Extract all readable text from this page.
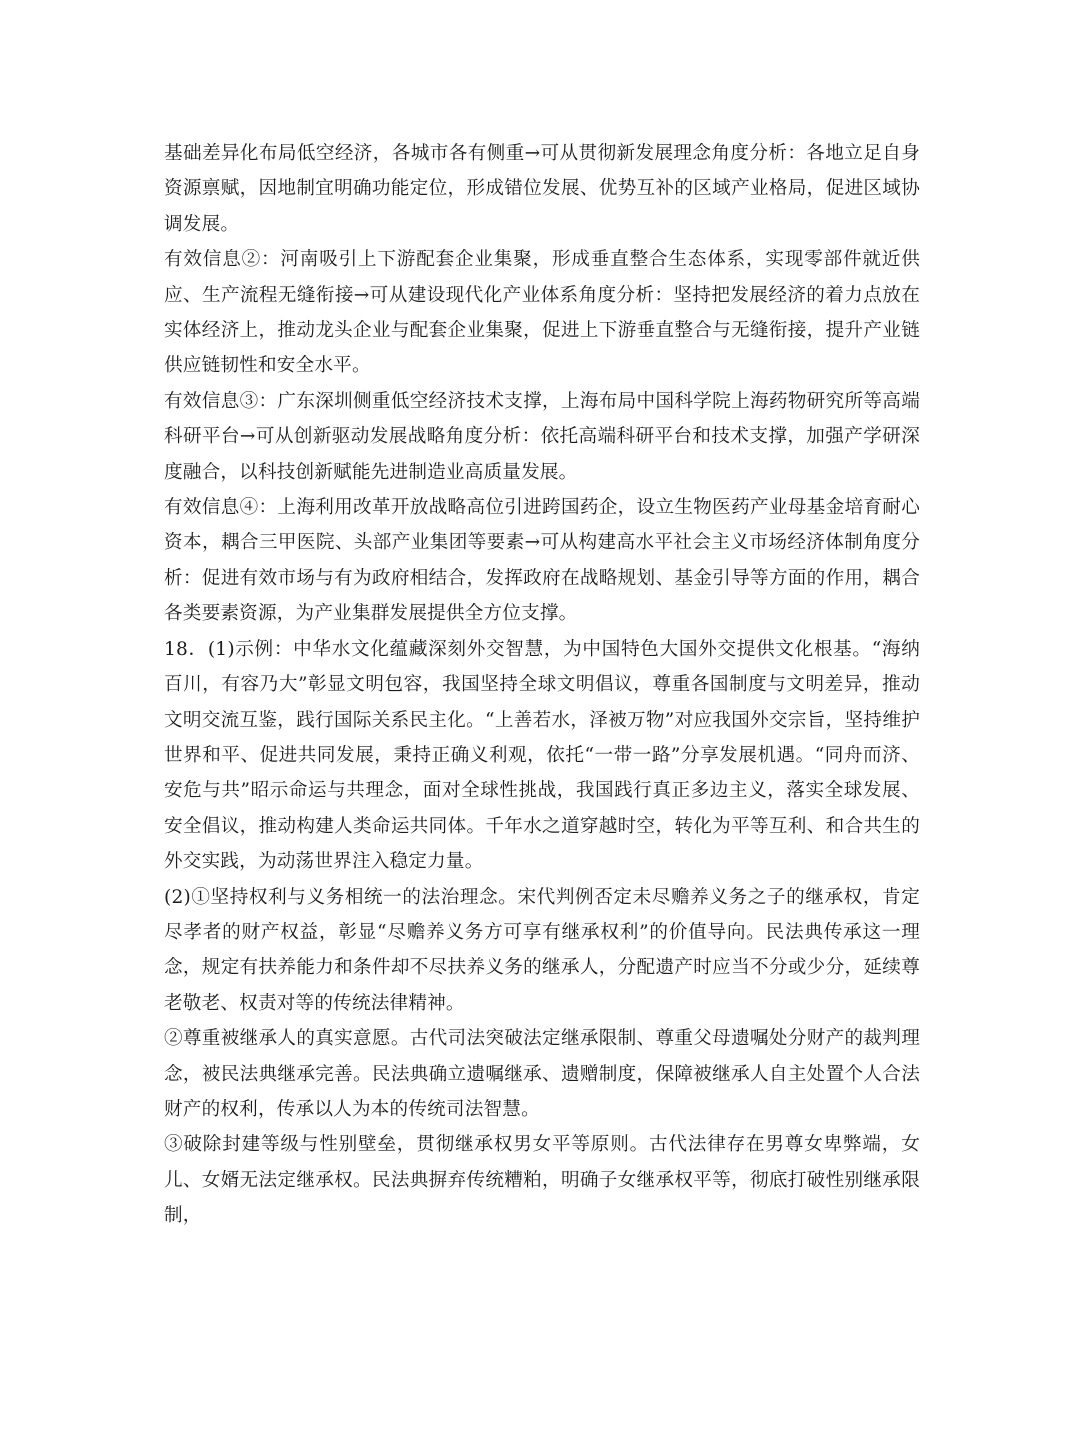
基础差异化布局低空经济，各城市各有侧重→可从贯彻新发展理念角度分析：各地立足自身资源禀赋，因地制宜明确功能定位，形成错位发展、优势互补的区域产业格局，促进区域协调发展。

有效信息②：河南吸引上下游配套企业集聚，形成垂直整合生态体系，实现零部件就近供应、生产流程无缝衔接→可从建设现代化产业体系角度分析：坚持把发展经济的着力点放在实体经济上，推动龙头企业与配套企业集聚，促进上下游垂直整合与无缝衔接，提升产业链供应链韧性和安全水平。

有效信息③：广东深圳侧重低空经济技术支撑，上海布局中国科学院上海药物研究所等高端科研平台→可从创新驱动发展战略角度分析：依托高端科研平台和技术支撑，加强产学研深度融合，以科技创新赋能先进制造业高质量发展。

有效信息④：上海利用改革开放战略高位引进跨国药企，设立生物医药产业母基金培育耐心资本，耦合三甲医院、头部产业集团等要素→可从构建高水平社会主义市场经济体制角度分析：促进有效市场与有为政府相结合，发挥政府在战略规划、基金引导等方面的作用，耦合各类要素资源，为产业集群发展提供全方位支撑。

18．(1)示例：中华水文化蕴藏深刻外交智慧，为中国特色大国外交提供文化根基。“海纳百川，有容乃大”彰显文明包容，我国坚持全球文明倡议，尊重各国制度与文明差异，推动文明交流互鉴，践行国际关系民主化。“上善若水，泽被万物”对应我国外交宗旨，坚持维护世界和平、促进共同发展，秉持正确义利观，依托“一带一路”分享发展机遇。“同舟而济、安危与共”昭示命运与共理念，面对全球性挑战，我国践行真正多边主义，落实全球发展、安全倡议，推动构建人类命运共同体。千年水之道穿越时空，转化为平等互利、和合共生的外交实践，为动荡世界注入稳定力量。

(2)①坚持权利与义务相统一的法治理念。宋代判例否定未尽赡养义务之子的继承权，肯定尽孝者的财产权益，彰显“尽赡养义务方可享有继承权利”的价值导向。民法典传承这一理念，规定有扶养能力和条件却不尽扶养义务的继承人，分配遗产时应当不分或少分，延续尊老敬老、权责对等的传统法律精神。

②尊重被继承人的真实意愿。古代司法突破法定继承限制、尊重父母遗嘱处分财产的裁判理念，被民法典继承完善。民法典确立遗嘱继承、遗赠制度，保障被继承人自主处置个人合法财产的权利，传承以人为本的传统司法智慧。

③破除封建等级与性别壁垒，贯彻继承权男女平等原则。古代法律存在男尊女卑弊端，女儿、女婿无法定继承权。民法典摒弃传统糟粕，明确子女继承权平等，彻底打破性别继承限制，
